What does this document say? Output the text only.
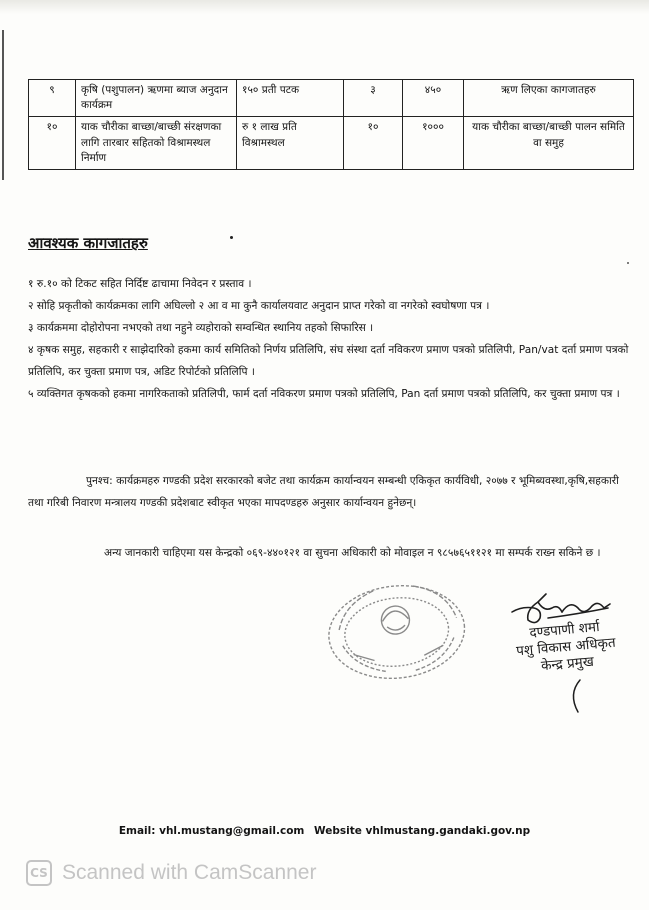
९	कृषि (पशुपालन) ऋणमा ब्याज अनुदान कार्यक्रम	१५० प्रती पटक	३	४५०	ऋण लिएका कागजातहरु
१०	याक चौरीका बाच्छा/बाच्छी संरक्षणका लागि तारबार सहितको विश्रामस्थल निर्माण	रु १ लाख प्रति विश्रामस्थल	१०	१०००	याक चौरीका बाच्छा/बाच्छी पालन समिति वा समुह
आवश्यक कागजातहरु

१ रु.१० को टिकट सहित निर्दिष्ट ढाचामा निवेदन र प्रस्ताव ।

२ सोहि प्रकृतीको कार्यक्रमका लागि अघिल्लो २ आ व मा कुनै कार्यालयवाट अनुदान प्राप्त गरेको वा नगरेको स्वघोषणा पत्र ।

३ कार्यक्रममा दोहोरोपना नभएको तथा नहुने व्यहोराको सम्वन्धित स्थानिय तहको सिफारिस ।

४ कृषक समुह, सहकारी र साझेदारिको हकमा कार्य समितिको निर्णय प्रतिलिपि, संघ संस्था दर्ता नविकरण प्रमाण पत्रको प्रतिलिपी, Pan/vat दर्ता प्रमाण पत्रको प्रतिलिपि, कर चुक्ता प्रमाण पत्र, अडिट रिपोर्टको प्रतिलिपि ।

५ व्यक्तिगत कृषकको हकमा नागरिकताको प्रतिलिपी, फार्म दर्ता नविकरण प्रमाण पत्रको प्रतिलिपि, Pan दर्ता प्रमाण पत्रको प्रतिलिपि, कर चुक्ता प्रमाण पत्र ।

पुनश्च: कार्यक्रमहरु गण्डकी प्रदेश सरकारको बजेट तथा कार्यक्रम कार्यान्वयन सम्बन्धी एकिकृत कार्यविधी, २०७७ र भूमिब्यवस्था,कृषि,सहकारी तथा गरिबी निवारण मन्त्रालय गण्डकी प्रदेशबाट स्वीकृत भएका मापदण्डहरु अनुसार कार्यान्वयन हुनेछन्।
अन्य जानकारी चाहिएमा यस केन्द्रको ०६९-४४०१२१ वा सुचना अधिकारी को मोवाइल न ९८५७६५११२१ मा सम्पर्क राख्न सकिने छ ।
दण्डपाणी शर्मा
पशु विकास अधिकृत
केन्द्र प्रमुख
Email: vhl.mustang@gmail.com Website vhlmustang.gandaki.gov.np
CS Scanned with CamScanner
